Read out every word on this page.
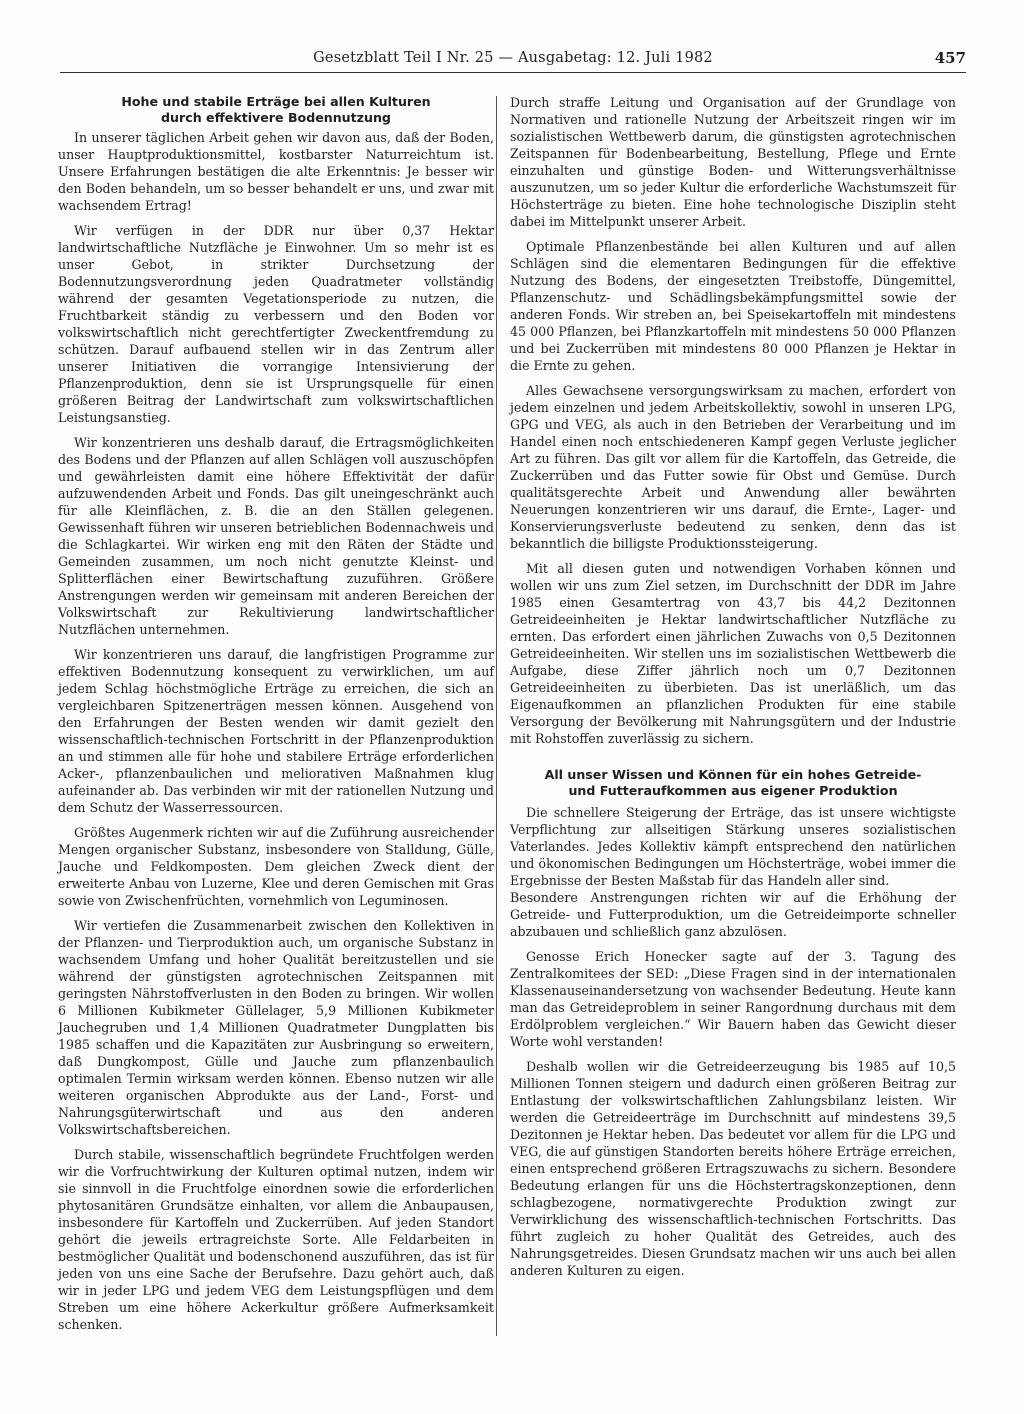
Gesetzblatt Teil I Nr. 25 — Ausgabetag: 12. Juli 1982	457
Hohe und stabile Erträge bei allen Kulturen
durch effektivere Bodennutzung

In unserer täglichen Arbeit gehen wir davon aus, daß der Boden, unser Hauptproduktionsmittel, kostbarster Naturreichtum ist. Unsere Erfahrungen bestätigen die alte Erkenntnis: Je besser wir den Boden behandeln, um so besser behandelt er uns, und zwar mit wachsendem Ertrag!

Wir verfügen in der DDR nur über 0,37 Hektar landwirtschaftliche Nutzfläche je Einwohner. Um so mehr ist es unser Gebot, in strikter Durchsetzung der Bodennutzungsverordnung jeden Quadratmeter vollständig während der gesamten Vegetationsperiode zu nutzen, die Fruchtbarkeit ständig zu verbessern und den Boden vor volkswirtschaftlich nicht gerechtfertigter Zweckentfremdung zu schützen. Darauf aufbauend stellen wir in das Zentrum aller unserer Initiativen die vorrangige Intensivierung der Pflanzenproduktion, denn sie ist Ursprungsquelle für einen größeren Beitrag der Landwirtschaft zum volkswirtschaftlichen Leistungsanstieg.

Wir konzentrieren uns deshalb darauf, die Ertragsmöglichkeiten des Bodens und der Pflanzen auf allen Schlägen voll auszuschöpfen und gewährleisten damit eine höhere Effektivität der dafür aufzuwendenden Arbeit und Fonds. Das gilt uneingeschränkt auch für alle Kleinflächen, z. B. die an den Ställen gelegenen. Gewissenhaft führen wir unseren betrieblichen Bodennachweis und die Schlagkartei. Wir wirken eng mit den Räten der Städte und Gemeinden zusammen, um noch nicht genutzte Kleinst- und Splitterflächen einer Bewirtschaftung zuzuführen. Größere Anstrengungen werden wir gemeinsam mit anderen Bereichen der Volkswirtschaft zur Rekultivierung landwirtschaftlicher Nutzflächen unternehmen.

Wir konzentrieren uns darauf, die langfristigen Programme zur effektiven Bodennutzung konsequent zu verwirklichen, um auf jedem Schlag höchstmögliche Erträge zu erreichen, die sich an vergleichbaren Spitzenerträgen messen können. Ausgehend von den Erfahrungen der Besten wenden wir damit gezielt den wissenschaftlich-technischen Fortschritt in der Pflanzenproduktion an und stimmen alle für hohe und stabilere Erträge erforderlichen Acker-, pflanzenbaulichen und meliorativen Maßnahmen klug aufeinander ab. Das verbinden wir mit der rationellen Nutzung und dem Schutz der Wasserressourcen.

Größtes Augenmerk richten wir auf die Zuführung ausreichender Mengen organischer Substanz, insbesondere von Stalldung, Gülle, Jauche und Feldkomposten. Dem gleichen Zweck dient der erweiterte Anbau von Luzerne, Klee und deren Gemischen mit Gras sowie von Zwischenfrüchten, vornehmlich von Leguminosen.

Wir vertiefen die Zusammenarbeit zwischen den Kollektiven in der Pflanzen- und Tierproduktion auch, um organische Substanz in wachsendem Umfang und hoher Qualität bereitzustellen und sie während der günstigsten agrotechnischen Zeitspannen mit geringsten Nährstoffverlusten in den Boden zu bringen. Wir wollen 6 Millionen Kubikmeter Güllelager, 5,9 Millionen Kubikmeter Jauchegruben und 1,4 Millionen Quadratmeter Dungplatten bis 1985 schaffen und die Kapazitäten zur Ausbringung so erweitern, daß Dungkompost, Gülle und Jauche zum pflanzenbaulich optimalen Termin wirksam werden können. Ebenso nutzen wir alle weiteren organischen Abprodukte aus der Land-, Forst- und Nahrungsgüterwirtschaft und aus den anderen Volkswirtschaftsbereichen.

Durch stabile, wissenschaftlich begründete Fruchtfolgen werden wir die Vorfruchtwirkung der Kulturen optimal nutzen, indem wir sie sinnvoll in die Fruchtfolge einordnen sowie die erforderlichen phytosanitären Grundsätze einhalten, vor allem die Anbaupausen, insbesondere für Kartoffeln und Zuckerrüben. Auf jeden Standort gehört die jeweils ertragreichste Sorte. Alle Feldarbeiten in bestmöglicher Qualität und bodenschonend auszuführen, das ist für jeden von uns eine Sache der Berufsehre. Dazu gehört auch, daß wir in jeder LPG und jedem VEG dem Leistungspflügen und dem Streben um eine höhere Ackerkultur größere Aufmerksamkeit schenken.

Durch straffe Leitung und Organisation auf der Grundlage von Normativen und rationelle Nutzung der Arbeitszeit ringen wir im sozialistischen Wettbewerb darum, die günstigsten agrotechnischen Zeitspannen für Bodenbearbeitung, Bestellung, Pflege und Ernte einzuhalten und günstige Boden- und Witterungsverhältnisse auszunutzen, um so jeder Kultur die erforderliche Wachstumszeit für Höchsterträge zu bieten. Eine hohe technologische Disziplin steht dabei im Mittelpunkt unserer Arbeit.

Optimale Pflanzenbestände bei allen Kulturen und auf allen Schlägen sind die elementaren Bedingungen für die effektive Nutzung des Bodens, der eingesetzten Treibstoffe, Düngemittel, Pflanzenschutz- und Schädlingsbekämpfungsmittel sowie der anderen Fonds. Wir streben an, bei Speisekartoffeln mit mindestens 45 000 Pflanzen, bei Pflanzkartoffeln mit mindestens 50 000 Pflanzen und bei Zuckerrüben mit mindestens 80 000 Pflanzen je Hektar in die Ernte zu gehen.

Alles Gewachsene versorgungswirksam zu machen, erfordert von jedem einzelnen und jedem Arbeitskollektiv, sowohl in unseren LPG, GPG und VEG, als auch in den Betrieben der Verarbeitung und im Handel einen noch entschiedeneren Kampf gegen Verluste jeglicher Art zu führen. Das gilt vor allem für die Kartoffeln, das Getreide, die Zuckerrüben und das Futter sowie für Obst und Gemüse. Durch qualitätsgerechte Arbeit und Anwendung aller bewährten Neuerungen konzentrieren wir uns darauf, die Ernte-, Lager- und Konservierungsverluste bedeutend zu senken, denn das ist bekanntlich die billigste Produktionssteigerung.

Mit all diesen guten und notwendigen Vorhaben können und wollen wir uns zum Ziel setzen, im Durchschnitt der DDR im Jahre 1985 einen Gesamtertrag von 43,7 bis 44,2 Dezitonnen Getreideeinheiten je Hektar landwirtschaftlicher Nutzfläche zu ernten. Das erfordert einen jährlichen Zuwachs von 0,5 Dezitonnen Getreideeinheiten. Wir stellen uns im sozialistischen Wettbewerb die Aufgabe, diese Ziffer jährlich noch um 0,7 Dezitonnen Getreideeinheiten zu überbieten. Das ist unerläßlich, um das Eigenaufkommen an pflanzlichen Produkten für eine stabile Versorgung der Bevölkerung mit Nahrungsgütern und der Industrie mit Rohstoffen zuverlässig zu sichern.

All unser Wissen und Können für ein hohes Getreide-
und Futteraufkommen aus eigener Produktion

Die schnellere Steigerung der Erträge, das ist unsere wichtigste Verpflichtung zur allseitigen Stärkung unseres sozialistischen Vaterlandes. Jedes Kollektiv kämpft entsprechend den natürlichen und ökonomischen Bedingungen um Höchsterträge, wobei immer die Ergebnisse der Besten Maßstab für das Handeln aller sind.

Besondere Anstrengungen richten wir auf die Erhöhung der Getreide- und Futterproduktion, um die Getreideimporte schneller abzubauen und schließlich ganz abzulösen.

Genosse Erich Honecker sagte auf der 3. Tagung des Zentralkomitees der SED: „Diese Fragen sind in der internationalen Klassenauseinandersetzung von wachsender Bedeutung. Heute kann man das Getreideproblem in seiner Rangordnung durchaus mit dem Erdölproblem vergleichen.“ Wir Bauern haben das Gewicht dieser Worte wohl verstanden!

Deshalb wollen wir die Getreideerzeugung bis 1985 auf 10,5 Millionen Tonnen steigern und dadurch einen größeren Beitrag zur Entlastung der volkswirtschaftlichen Zahlungsbilanz leisten. Wir werden die Getreideerträge im Durchschnitt auf mindestens 39,5 Dezitonnen je Hektar heben. Das bedeutet vor allem für die LPG und VEG, die auf günstigen Standorten bereits höhere Erträge erreichen, einen entsprechend größeren Ertragszuwachs zu sichern. Besondere Bedeutung erlangen für uns die Höchstertragskonzeptionen, denn schlagbezogene, normativgerechte Produktion zwingt zur Verwirklichung des wissenschaftlich-technischen Fortschritts. Das führt zugleich zu hoher Qualität des Getreides, auch des Nahrungsgetreides. Diesen Grundsatz machen wir uns auch bei allen anderen Kulturen zu eigen.
